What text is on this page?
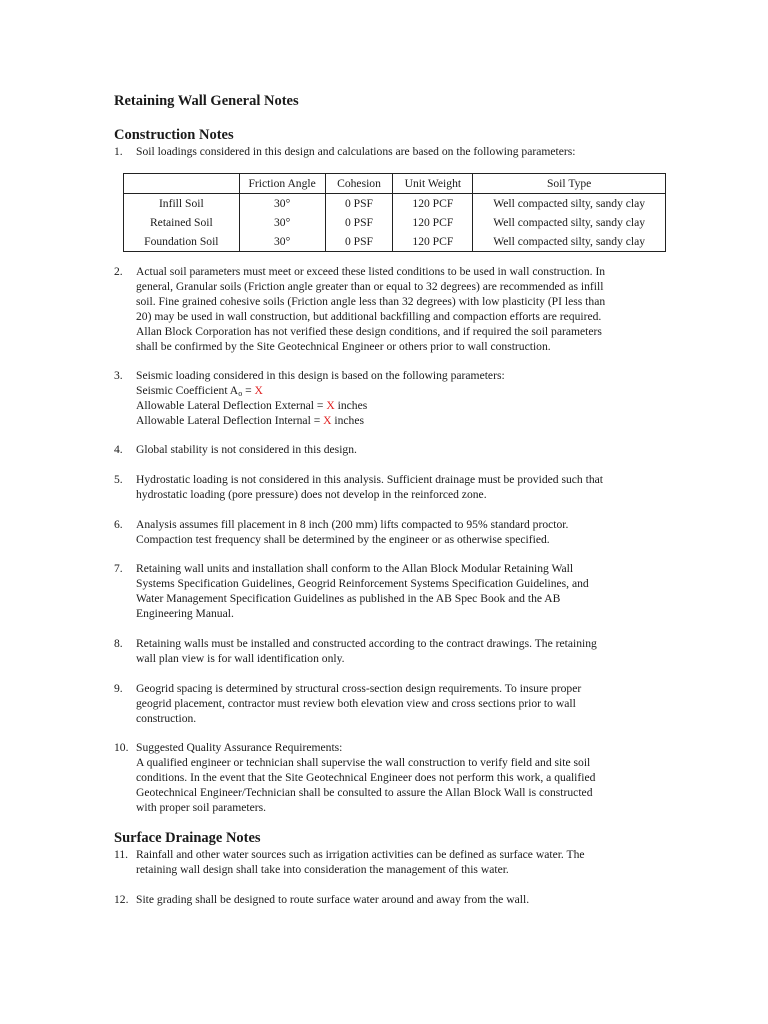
Retaining Wall General Notes
Construction Notes
1. Soil loadings considered in this design and calculations are based on the following parameters:
	Friction Angle	Cohesion	Unit Weight	Soil Type
Infill Soil	30°	0 PSF	120 PCF	Well compacted silty, sandy clay
Retained Soil	30°	0 PSF	120 PCF	Well compacted silty, sandy clay
Foundation Soil	30°	0 PSF	120 PCF	Well compacted silty, sandy clay
2. Actual soil parameters must meet or exceed these listed conditions to be used in wall construction. In
general, Granular soils (Friction angle greater than or equal to 32 degrees) are recommended as infill
soil. Fine grained cohesive soils (Friction angle less than 32 degrees) with low plasticity (PI less than
20) may be used in wall construction, but additional backfilling and compaction efforts are required.
Allan Block Corporation has not verified these design conditions, and if required the soil parameters
shall be confirmed by the Site Geotechnical Engineer or others prior to wall construction.
3. Seismic loading considered in this design is based on the following parameters:
Seismic Coefficient $A_o = X$
Allowable Lateral Deflection External = X inches
Allowable Lateral Deflection Internal = X inches
4. Global stability is not considered in this design.
5. Hydrostatic loading is not considered in this analysis. Sufficient drainage must be provided such that
hydrostatic loading (pore pressure) does not develop in the reinforced zone.
6. Analysis assumes fill placement in 8 inch (200 mm) lifts compacted to 95% standard proctor.
Compaction test frequency shall be determined by the engineer or as otherwise specified.
7. Retaining wall units and installation shall conform to the Allan Block Modular Retaining Wall
Systems Specification Guidelines, Geogrid Reinforcement Systems Specification Guidelines, and
Water Management Specification Guidelines as published in the AB Spec Book and the AB
Engineering Manual.
8. Retaining walls must be installed and constructed according to the contract drawings. The retaining
wall plan view is for wall identification only.
9. Geogrid spacing is determined by structural cross-section design requirements. To insure proper
geogrid placement, contractor must review both elevation view and cross sections prior to wall
construction.
10. Suggested Quality Assurance Requirements:
A qualified engineer or technician shall supervise the wall construction to verify field and site soil
conditions. In the event that the Site Geotechnical Engineer does not perform this work, a qualified
Geotechnical Engineer/Technician shall be consulted to assure the Allan Block Wall is constructed
with proper soil parameters.
Surface Drainage Notes
11. Rainfall and other water sources such as irrigation activities can be defined as surface water. The
retaining wall design shall take into consideration the management of this water.
12. Site grading shall be designed to route surface water around and away from the wall.
